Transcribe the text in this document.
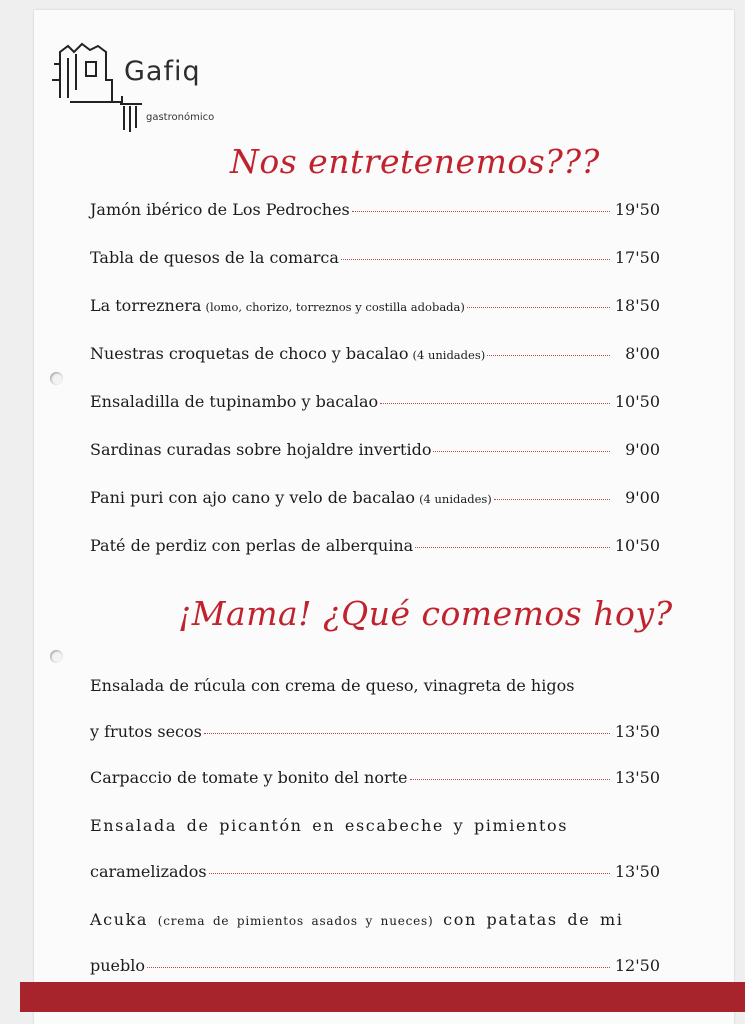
Gafiq
gastronómico
Nos entretenemos???
Jamón ibérico de Los Pedroches	19'50
Tabla de quesos de la comarca	17'50
La torreznera (lomo, chorizo, torreznos y costilla adobada)	18'50
Nuestras croquetas de choco y bacalao (4 unidades)	8'00
Ensaladilla de tupinambo y bacalao	10'50
Sardinas curadas sobre hojaldre invertido	9'00
Pani puri con ajo cano y velo de bacalao (4 unidades)	9'00
Paté de perdiz con perlas de alberquina	10'50
¡Mama! ¿Qué comemos hoy?
Ensalada de rúcula con crema de queso, vinagreta de higos
y frutos secos	13'50
Carpaccio de tomate y bonito del norte	13'50
Ensalada de picantón en escabeche y pimientos
caramelizados	13'50
Acuka (crema de pimientos asados y nueces) con patatas de mi
pueblo	12'50
